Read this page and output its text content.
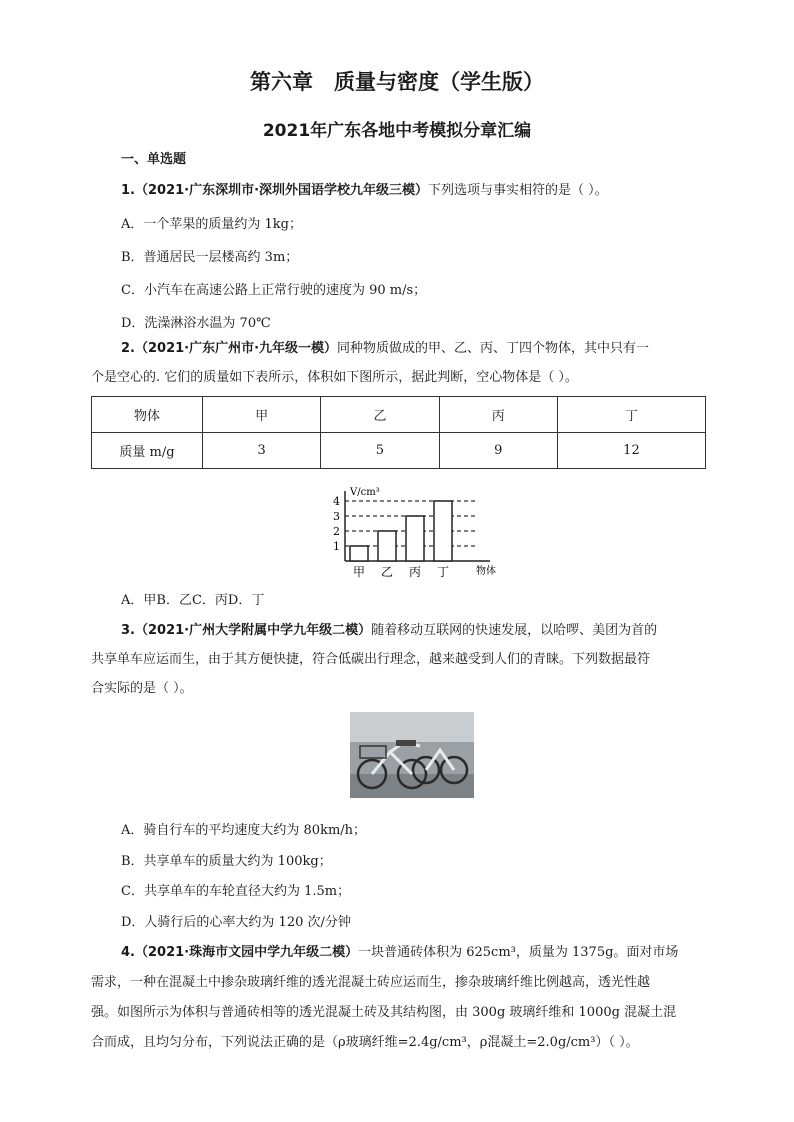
第六章　质量与密度（学生版）
2021年广东各地中考模拟分章汇编
一、单选题
1.（2021·广东深圳市·深圳外国语学校九年级三模）下列选项与事实相符的是（ ）。
A．一个苹果的质量约为 1kg；
B．普通居民一层楼高约 3m；
C．小汽车在高速公路上正常行驶的速度为 90 m/s；
D．洗澡淋浴水温为 70℃
2.（2021·广东广州市·九年级一模）同种物质做成的甲、乙、丙、丁四个物体，其中只有一
个是空心的. 它们的质量如下表所示，体积如下图所示，据此判断，空心物体是（ ）。
物体	甲	乙	丙	丁
质量 m/g	3	5	9	12
V/cm³
物体
1
2
3
4
甲 乙 丙 丁
A．甲B．乙C．丙D．丁
3.（2021·广州大学附属中学九年级二模）随着移动互联网的快速发展，以哈啰、美团为首的
共享单车应运而生，由于其方便快捷，符合低碳出行理念，越来越受到人们的青睐。下列数据最符
合实际的是（ ）。
A．骑自行车的平均速度大约为 80km/h；
B．共享单车的质量大约为 100kg；
C．共享单车的车轮直径大约为 1.5m；
D．人骑行后的心率大约为 120 次/分钟
4.（2021·珠海市文园中学九年级二模）一块普通砖体积为 625cm³，质量为 1375g。面对市场
需求，一种在混凝土中掺杂玻璃纤维的透光混凝土砖应运而生，掺杂玻璃纤维比例越高，透光性越
强。如图所示为体积与普通砖相等的透光混凝土砖及其结构图，由 300g 玻璃纤维和 1000g 混凝土混
合而成，且均匀分布，下列说法正确的是（ρ玻璃纤维=2.4g/cm³，ρ混凝土=2.0g/cm³）（ ）。
